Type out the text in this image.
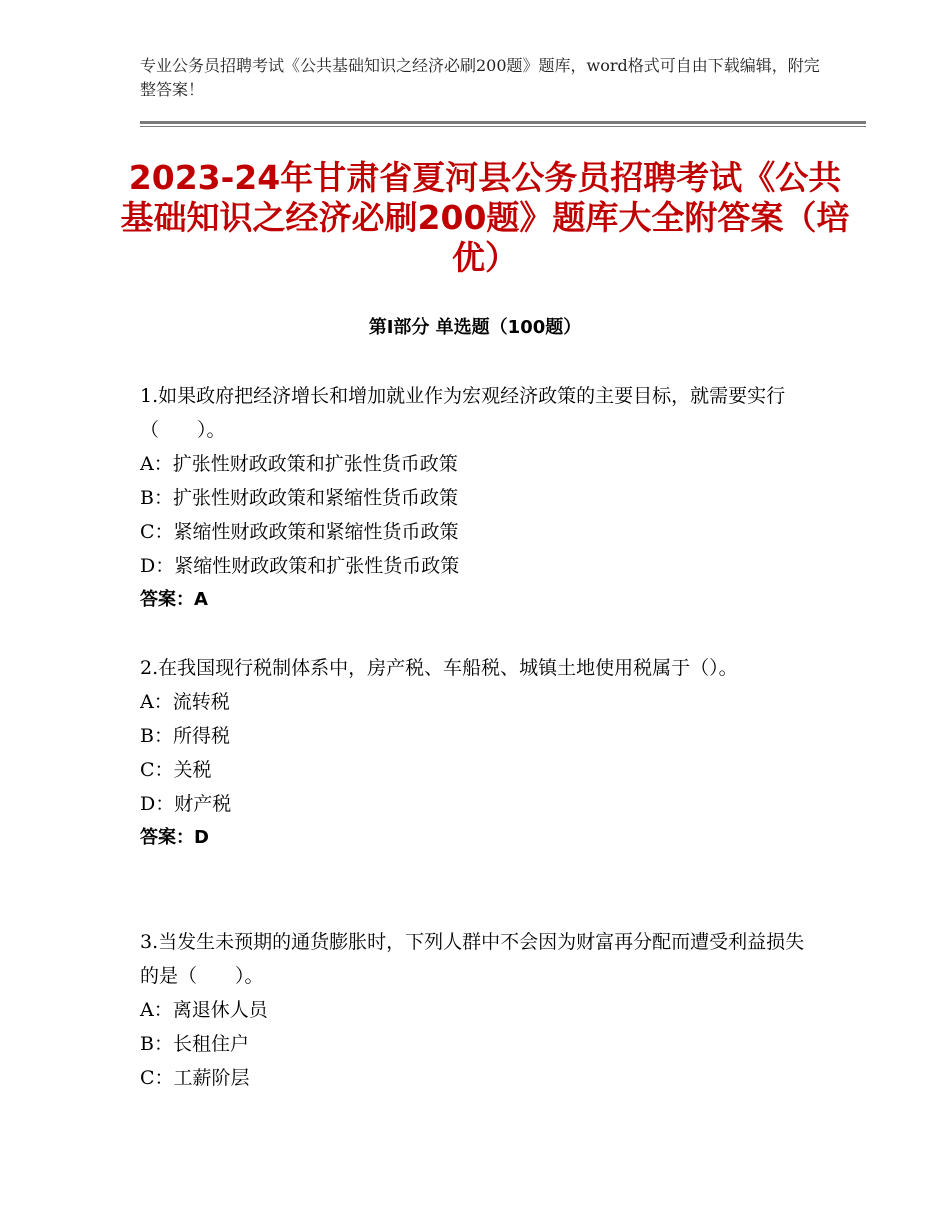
专业公务员招聘考试《公共基础知识之经济必刷200题》题库，word格式可自由下载编辑，附完整答案！
2023-24年甘肃省夏河县公务员招聘考试《公共基础知识之经济必刷200题》题库大全附答案（培优）
第Ⅰ部分 单选题（100题）

1.如果政府把经济增长和增加就业作为宏观经济政策的主要目标，就需要实行（　　）。

A：扩张性财政政策和扩张性货币政策

B：扩张性财政政策和紧缩性货币政策

C：紧缩性财政政策和紧缩性货币政策

D：紧缩性财政政策和扩张性货币政策

答案：A

2.在我国现行税制体系中，房产税、车船税、城镇土地使用税属于（）。

A：流转税

B：所得税

C：关税

D：财产税

答案：D

3.当发生未预期的通货膨胀时，下列人群中不会因为财富再分配而遭受利益损失的是（　　）。

A：离退休人员

B：长租住户

C：工薪阶层
